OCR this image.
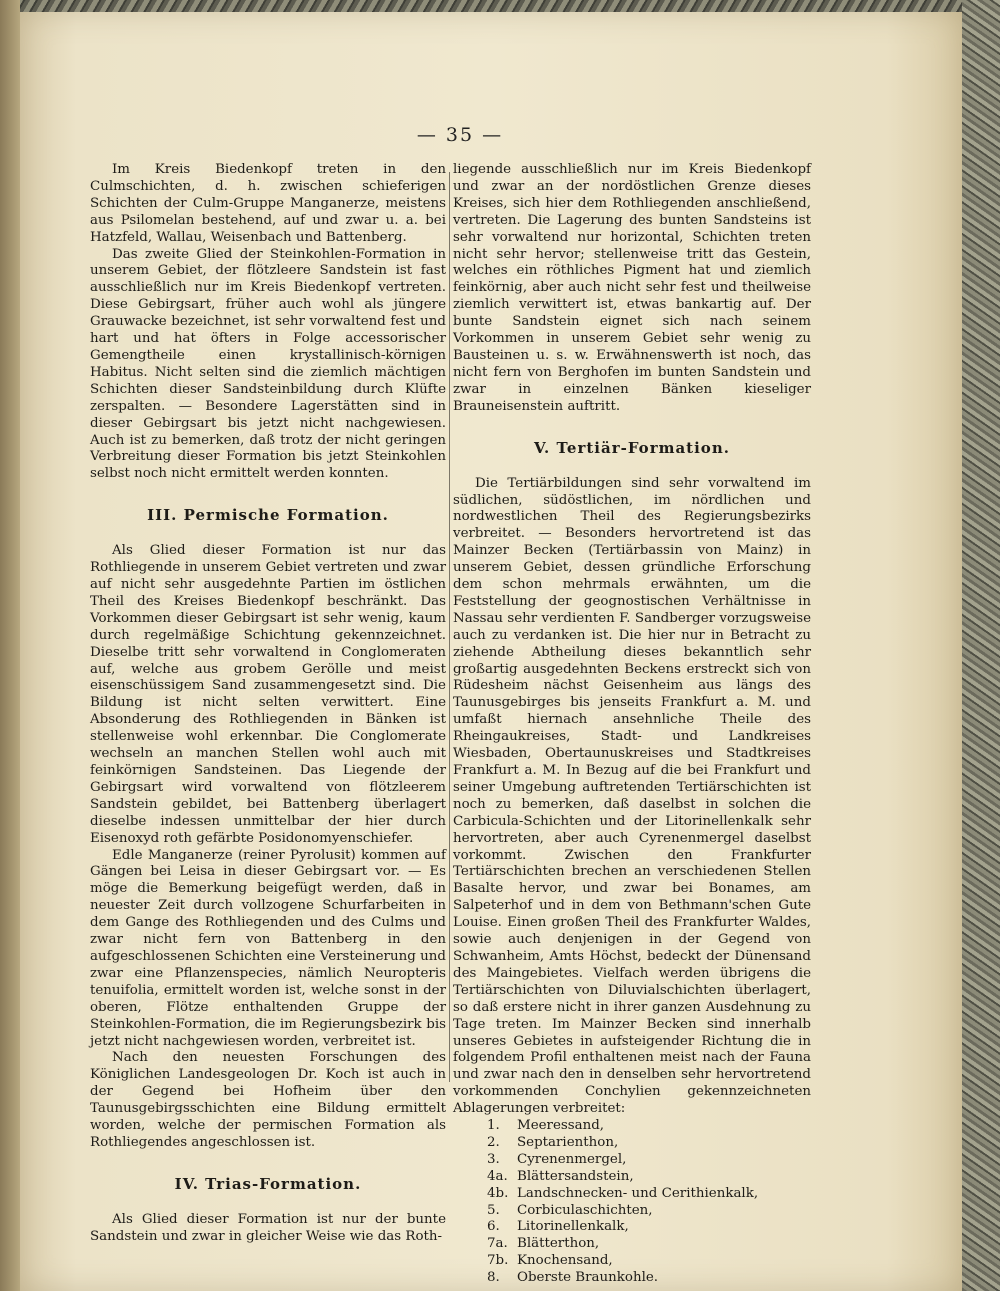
— 35 —

Im Kreis Biedenkopf treten in den Culmschichten, d. h. zwischen schieferigen Schichten der Culm-Gruppe Manganerze, meistens aus Psilomelan bestehend, auf und zwar u. a. bei Hatzfeld, Wallau, Weisenbach und Battenberg.

Das zweite Glied der Steinkohlen-Formation in unserem Gebiet, der flötzleere Sandstein ist fast ausschließlich nur im Kreis Biedenkopf vertreten. Diese Gebirgsart, früher auch wohl als jüngere Grauwacke bezeichnet, ist sehr vorwaltend fest und hart und hat öfters in Folge accessorischer Gemengtheile einen krystallinisch-körnigen Habitus. Nicht selten sind die ziemlich mächtigen Schichten dieser Sandsteinbildung durch Klüfte zerspalten. — Besondere Lagerstätten sind in dieser Gebirgsart bis jetzt nicht nachgewiesen. Auch ist zu bemerken, daß trotz der nicht geringen Verbreitung dieser Formation bis jetzt Steinkohlen selbst noch nicht ermittelt werden konnten.

III. Permische Formation.

Als Glied dieser Formation ist nur das Rothliegende in unserem Gebiet vertreten und zwar auf nicht sehr ausgedehnte Partien im östlichen Theil des Kreises Biedenkopf beschränkt. Das Vorkommen dieser Gebirgsart ist sehr wenig, kaum durch regelmäßige Schichtung gekennzeichnet. Dieselbe tritt sehr vorwaltend in Conglomeraten auf, welche aus grobem Gerölle und meist eisenschüssigem Sand zusammengesetzt sind. Die Bildung ist nicht selten verwittert. Eine Absonderung des Rothliegenden in Bänken ist stellenweise wohl erkennbar. Die Conglomerate wechseln an manchen Stellen wohl auch mit feinkörnigen Sandsteinen. Das Liegende der Gebirgsart wird vorwaltend von flötzleerem Sandstein gebildet, bei Battenberg überlagert dieselbe indessen unmittelbar der hier durch Eisenoxyd roth gefärbte Posidonomyenschiefer.

Edle Manganerze (reiner Pyrolusit) kommen auf Gängen bei Leisa in dieser Gebirgsart vor. — Es möge die Bemerkung beigefügt werden, daß in neuester Zeit durch vollzogene Schurfarbeiten in dem Gange des Rothliegenden und des Culms und zwar nicht fern von Battenberg in den aufgeschlossenen Schichten eine Versteinerung und zwar eine Pflanzenspecies, nämlich Neuropteris tenuifolia, ermittelt worden ist, welche sonst in der oberen, Flötze enthaltenden Gruppe der Steinkohlen-Formation, die im Regierungsbezirk bis jetzt nicht nachgewiesen worden, verbreitet ist.

Nach den neuesten Forschungen des Königlichen Landesgeologen Dr. Koch ist auch in der Gegend bei Hofheim über den Taunusgebirgsschichten eine Bildung ermittelt worden, welche der permischen Formation als Rothliegendes angeschlossen ist.

IV. Trias-Formation.

Als Glied dieser Formation ist nur der bunte Sandstein und zwar in gleicher Weise wie das Roth-

liegende ausschließlich nur im Kreis Biedenkopf und zwar an der nordöstlichen Grenze dieses Kreises, sich hier dem Rothliegenden anschließend, vertreten. Die Lagerung des bunten Sandsteins ist sehr vorwaltend nur horizontal, Schichten treten nicht sehr hervor; stellenweise tritt das Gestein, welches ein röthliches Pigment hat und ziemlich feinkörnig, aber auch nicht sehr fest und theilweise ziemlich verwittert ist, etwas bankartig auf. Der bunte Sandstein eignet sich nach seinem Vorkommen in unserem Gebiet sehr wenig zu Bausteinen u. s. w. Erwähnenswerth ist noch, das nicht fern von Berghofen im bunten Sandstein und zwar in einzelnen Bänken kieseliger Brauneisenstein auftritt.

V. Tertiär-Formation.

Die Tertiärbildungen sind sehr vorwaltend im südlichen, südöstlichen, im nördlichen und nordwestlichen Theil des Regierungsbezirks verbreitet. — Besonders hervortretend ist das Mainzer Becken (Tertiärbassin von Mainz) in unserem Gebiet, dessen gründliche Erforschung dem schon mehrmals erwähnten, um die Feststellung der geognostischen Verhältnisse in Nassau sehr verdienten F. Sandberger vorzugsweise auch zu verdanken ist. Die hier nur in Betracht zu ziehende Abtheilung dieses bekanntlich sehr großartig ausgedehnten Beckens erstreckt sich von Rüdesheim nächst Geisenheim aus längs des Taunusgebirges bis jenseits Frankfurt a. M. und umfaßt hiernach ansehnliche Theile des Rheingaukreises, Stadt- und Landkreises Wiesbaden, Obertaunuskreises und Stadtkreises Frankfurt a. M. In Bezug auf die bei Frankfurt und seiner Umgebung auftretenden Tertiärschichten ist noch zu bemerken, daß daselbst in solchen die Carbicula-Schichten und der Litorinellenkalk sehr hervortreten, aber auch Cyrenenmergel daselbst vorkommt. Zwischen den Frankfurter Tertiärschichten brechen an verschiedenen Stellen Basalte hervor, und zwar bei Bonames, am Salpeterhof und in dem von Bethmann'schen Gute Louise. Einen großen Theil des Frankfurter Waldes, sowie auch denjenigen in der Gegend von Schwanheim, Amts Höchst, bedeckt der Dünensand des Maingebietes. Vielfach werden übrigens die Tertiärschichten von Diluvialschichten überlagert, so daß erstere nicht in ihrer ganzen Ausdehnung zu Tage treten. Im Mainzer Becken sind innerhalb unseres Gebietes in aufsteigender Richtung die in folgendem Profil enthaltenen meist nach der Fauna und zwar nach den in denselben sehr hervortretend vorkommenden Conchylien gekennzeichneten Ablagerungen verbreitet:

1. Meeressand,
2. Septarienthon,
3. Cyrenenmergel,
4a. Blättersandstein,
4b. Landschnecken- und Cerithienkalk,
5. Corbiculaschichten,
6. Litorinellenkalk,
7a. Blätterthon,
7b. Knochensand,
8. Oberste Braunkohle.
